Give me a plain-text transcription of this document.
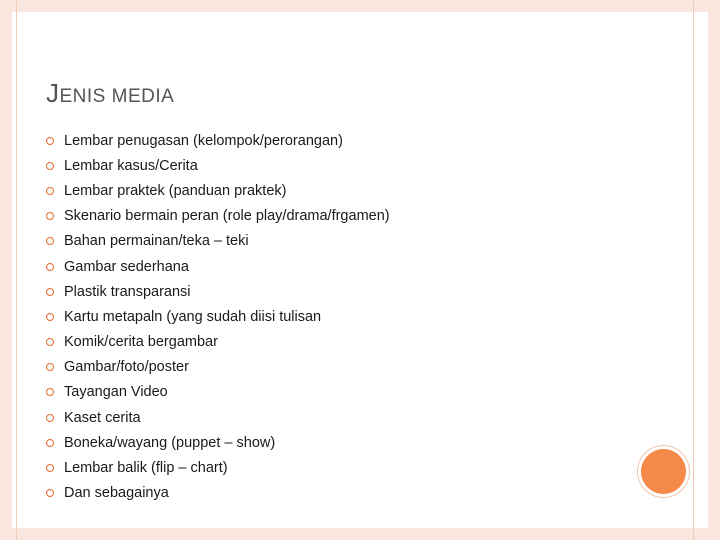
JENIS MEDIA
Lembar penugasan (kelompok/perorangan)
Lembar kasus/Cerita
Lembar praktek (panduan praktek)
Skenario bermain peran (role play/drama/frgamen)
Bahan permainan/teka – teki
Gambar sederhana
Plastik transparansi
Kartu metapaln (yang sudah diisi tulisan
Komik/cerita bergambar
Gambar/foto/poster
Tayangan Video
Kaset cerita
Boneka/wayang (puppet – show)
Lembar balik (flip – chart)
Dan sebagainya
